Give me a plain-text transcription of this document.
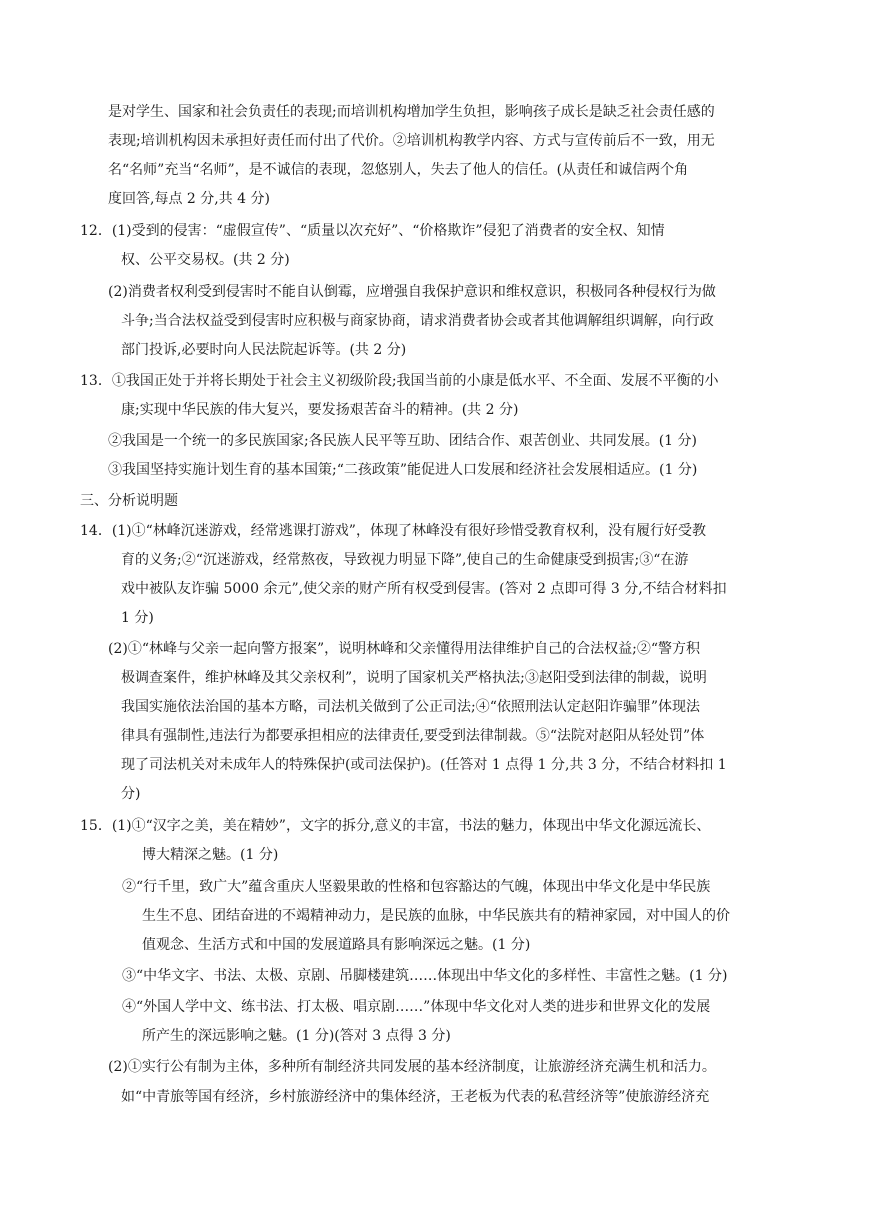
是对学生、国家和社会负责任的表现;而培训机构增加学生负担，影响孩子成长是缺乏社会责任感的
表现;培训机构因未承担好责任而付出了代价。②培训机构教学内容、方式与宣传前后不一致，用无
名“名师”充当“名师”，是不诚信的表现，忽悠别人，失去了他人的信任。(从责任和诚信两个角
度回答,每点 2 分,共 4 分)
12．(1)受到的侵害：“虚假宣传”、“质量以次充好”、“价格欺诈”侵犯了消费者的安全权、知情
权、公平交易权。(共 2 分)
(2)消费者权利受到侵害时不能自认倒霉，应增强自我保护意识和维权意识，积极同各种侵权行为做
斗争;当合法权益受到侵害时应积极与商家协商，请求消费者协会或者其他调解组织调解，向行政
部门投诉,必要时向人民法院起诉等。(共 2 分)
13．①我国正处于并将长期处于社会主义初级阶段;我国当前的小康是低水平、不全面、发展不平衡的小
康;实现中华民族的伟大复兴，要发扬艰苦奋斗的精神。(共 2 分)
②我国是一个统一的多民族国家;各民族人民平等互助、团结合作、艰苦创业、共同发展。(1 分)
③我国坚持实施计划生育的基本国策;“二孩政策”能促进人口发展和经济社会发展相适应。(1 分)
三、分析说明题
14．(1)①“林峰沉迷游戏，经常逃课打游戏”，体现了林峰没有很好珍惜受教育权利，没有履行好受教
育的义务;②“沉迷游戏，经常熬夜，导致视力明显下降”,使自己的生命健康受到损害;③“在游
戏中被队友诈骗 5000 余元”,使父亲的财产所有权受到侵害。(答对 2 点即可得 3 分,不结合材料扣
1 分)
(2)①“林峰与父亲一起向警方报案”，说明林峰和父亲懂得用法律维护自己的合法权益;②“警方积
极调查案件，维护林峰及其父亲权利”，说明了国家机关严格执法;③赵阳受到法律的制裁，说明
我国实施依法治国的基本方略，司法机关做到了公正司法;④“依照刑法认定赵阳诈骗罪”体现法
律具有强制性,违法行为都要承担相应的法律责任,要受到法律制裁。⑤“法院对赵阳从轻处罚”体
现了司法机关对未成年人的特殊保护(或司法保护)。(任答对 1 点得 1 分,共 3 分，不结合材料扣 1
分)
15．(1)①“汉字之美，美在精妙”，文字的拆分,意义的丰富，书法的魅力，体现出中华文化源远流长、
博大精深之魅。(1 分)
②“行千里，致广大”蕴含重庆人坚毅果敢的性格和包容豁达的气魄，体现出中华文化是中华民族
生生不息、团结奋进的不竭精神动力，是民族的血脉，中华民族共有的精神家园，对中国人的价
值观念、生活方式和中国的发展道路具有影响深远之魅。(1 分)
③“中华文字、书法、太极、京剧、吊脚楼建筑……体现出中华文化的多样性、丰富性之魅。(1 分)
④“外国人学中文、练书法、打太极、唱京剧……”体现中华文化对人类的进步和世界文化的发展
所产生的深远影响之魅。(1 分)(答对 3 点得 3 分)
(2)①实行公有制为主体，多种所有制经济共同发展的基本经济制度，让旅游经济充满生机和活力。
如“中青旅等国有经济，乡村旅游经济中的集体经济，王老板为代表的私营经济等”使旅游经济充
